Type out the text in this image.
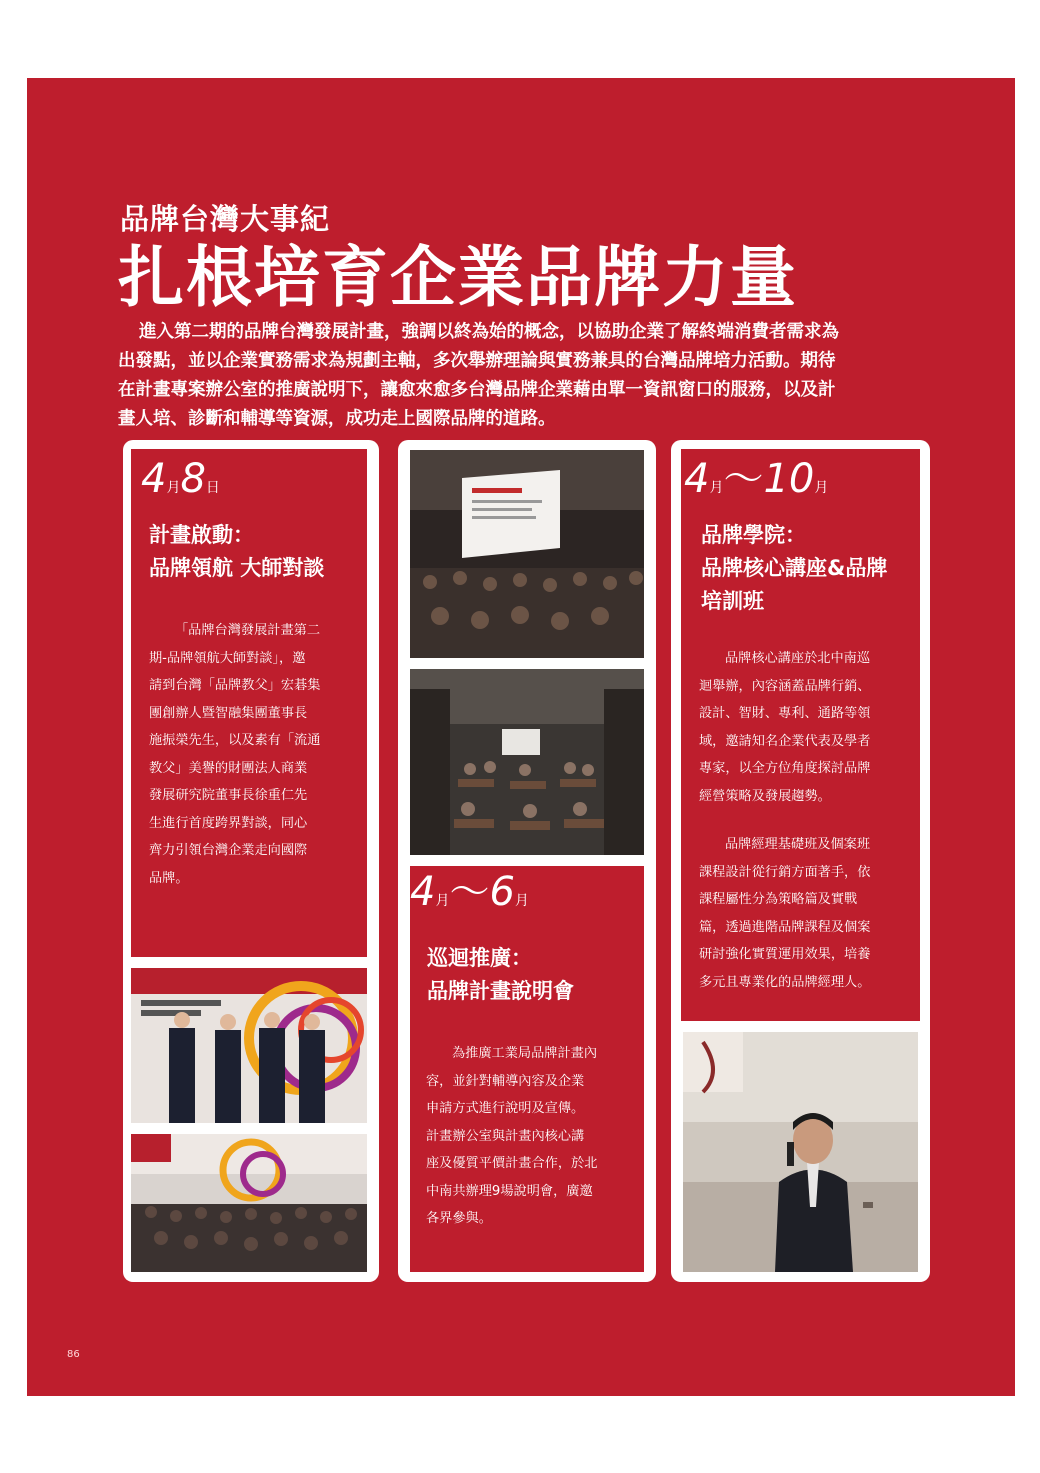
品牌台灣大事紀
扎根培育企業品牌力量

進入第二期的品牌台灣發展計畫，強調以終為始的概念，以協助企業了解終端消費者需求為

出發點，並以企業實務需求為規劃主軸，多次舉辦理論與實務兼具的台灣品牌培力活動。期待
在計畫專案辦公室的推廣說明下，讓愈來愈多台灣品牌企業藉由單一資訊窗口的服務，以及計
畫人培、診斷和輔導等資源，成功走上國際品牌的道路。
4月8日
計畫啟動：
品牌領航 大師對談
「品牌台灣發展計畫第二
期-品牌領航大師對談」，邀
請到台灣「品牌教父」宏碁集
團創辦人暨智融集團董事長
施振榮先生，以及素有「流通
教父」美譽的財團法人商業
發展研究院董事長徐重仁先
生進行首度跨界對談，同心
齊力引領台灣企業走向國際
品牌。	4月～6月
巡迴推廣：
品牌計畫說明會
為推廣工業局品牌計畫內
容，並針對輔導內容及企業
申請方式進行說明及宣傳。
計畫辦公室與計畫內核心講
座及優質平價計畫合作，於北
中南共辦理9場說明會，廣邀
各界參與。
4月～10月
品牌學院：
品牌核心講座&品牌
培訓班
品牌核心講座於北中南巡
迴舉辦，內容涵蓋品牌行銷、
設計、智財、專利、通路等領
域，邀請知名企業代表及學者
專家，以全方位角度探討品牌
經營策略及發展趨勢。
品牌經理基礎班及個案班
課程設計從行銷方面著手，依
課程屬性分為策略篇及實戰
篇，透過進階品牌課程及個案
研討強化實質運用效果，培養
多元且專業化的品牌經理人。
86
